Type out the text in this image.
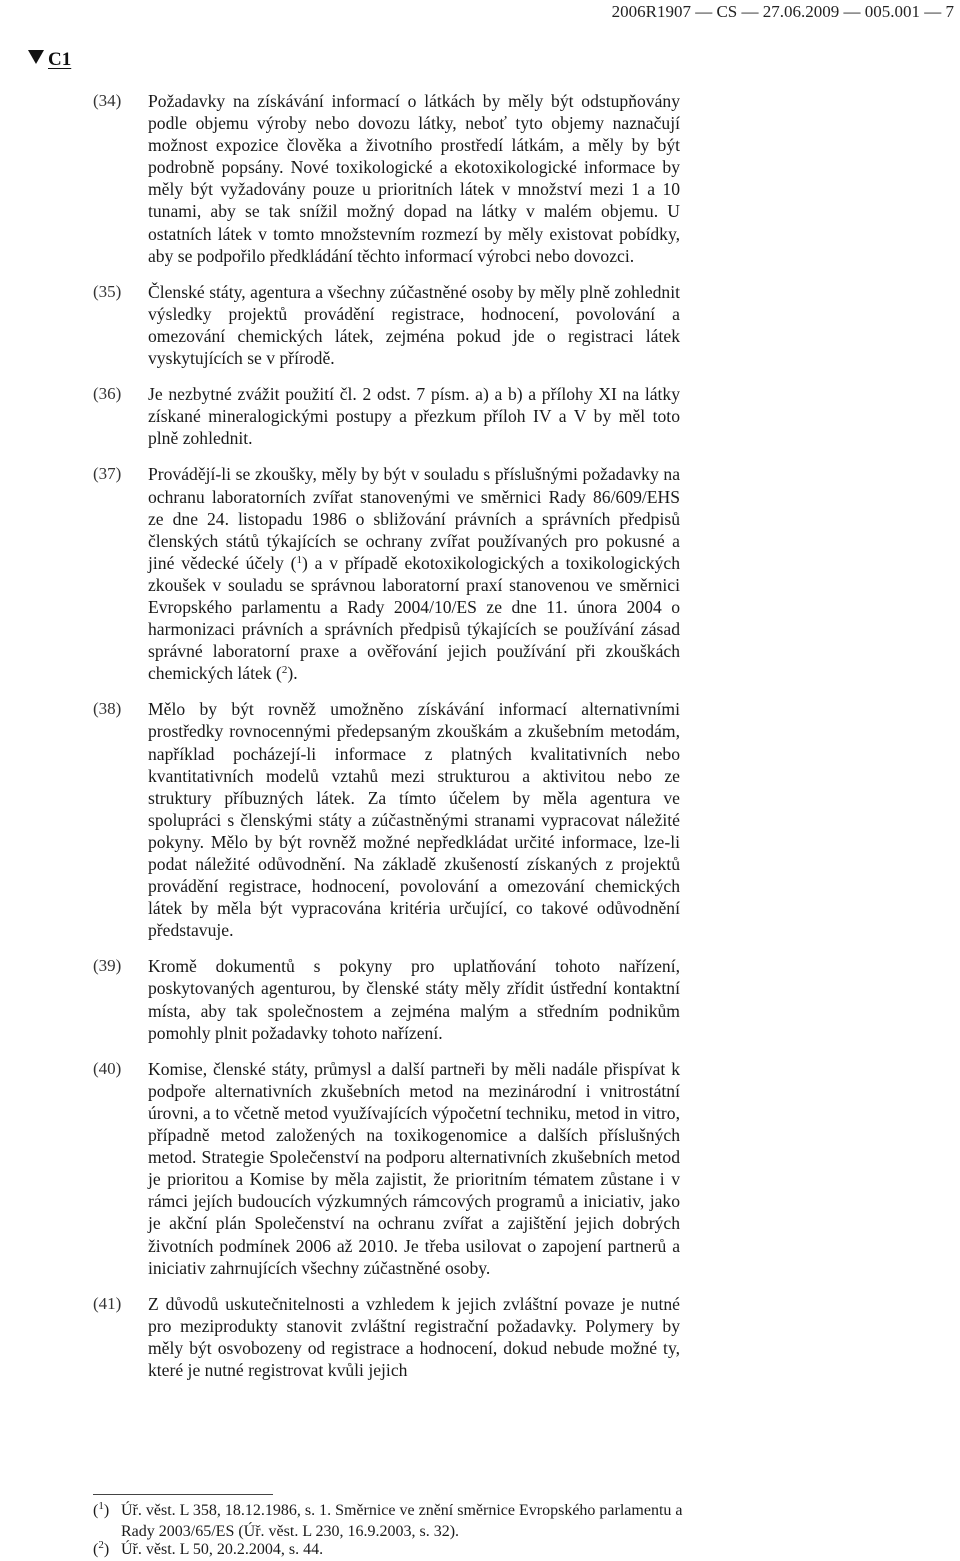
2006R1907 — CS — 27.06.2009 — 005.001 — 7
C1
(34)	Požadavky na získávání informací o látkách by měly být odstupňovány podle objemu výroby nebo dovozu látky, neboť tyto objemy naznačují možnost expozice člověka a životního prostředí látkám, a měly by být podrobně popsány. Nové toxikologické a ekotoxikologické informace by měly být vyžadovány pouze u prioritních látek v množství mezi 1 a 10 tunami, aby se tak snížil možný dopad na látky v malém objemu. U ostatních látek v tomto množstevním rozmezí by měly existovat pobídky, aby se podpořilo předkládání těchto informací výrobci nebo dovozci.
(35)	Členské státy, agentura a všechny zúčastněné osoby by měly plně zohlednit výsledky projektů provádění registrace, hodnocení, povolování a omezování chemických látek, zejména pokud jde o registraci látek vyskytujících se v přírodě.
(36)	Je nezbytné zvážit použití čl. 2 odst. 7 písm. a) a b) a přílohy XI na látky získané mineralogickými postupy a přezkum příloh IV a V by měl toto plně zohlednit.
(37)	Provádějí-li se zkoušky, měly by být v souladu s příslušnými požadavky na ochranu laboratorních zvířat stanovenými ve směrnici Rady 86/609/EHS ze dne 24. listopadu 1986 o sbližování právních a správních předpisů členských států týkajících se ochrany zvířat používaných pro pokusné a jiné vědecké účely ($^1$) a v případě ekotoxikologických a toxikologických zkoušek v souladu se správnou laboratorní praxí stanovenou ve směrnici Evropského parlamentu a Rady 2004/10/ES ze dne 11. února 2004 o harmonizaci právních a správních předpisů týkajících se používání zásad správné laboratorní praxe a ověřování jejich používání při zkouškách chemických látek ($^2$).
(38)	Mělo by být rovněž umožněno získávání informací alternativními prostředky rovnocennými předepsaným zkouškám a zkušebním metodám, například pocházejí-li informace z platných kvalitativních nebo kvantitativních modelů vztahů mezi strukturou a aktivitou nebo ze struktury příbuzných látek. Za tímto účelem by měla agentura ve spolupráci s členskými státy a zúčastněnými stranami vypracovat náležité pokyny. Mělo by být rovněž možné nepředkládat určité informace, lze-li podat náležité odůvodnění. Na základě zkušeností získaných z projektů provádění registrace, hodnocení, povolování a omezování chemických látek by měla být vypracována kritéria určující, co takové odůvodnění představuje.
(39)	Kromě dokumentů s pokyny pro uplatňování tohoto nařízení, poskytovaných agenturou, by členské státy měly zřídit ústřední kontaktní místa, aby tak společnostem a zejména malým a středním podnikům pomohly plnit požadavky tohoto nařízení.
(40)	Komise, členské státy, průmysl a další partneři by měli nadále přispívat k podpoře alternativních zkušebních metod na mezinárodní i vnitrostátní úrovni, a to včetně metod využívajících výpočetní techniku, metod in vitro, případně metod založených na toxikogenomice a dalších příslušných metod. Strategie Společenství na podporu alternativních zkušebních metod je prioritou a Komise by měla zajistit, že prioritním tématem zůstane i v rámci jejích budoucích výzkumných rámcových programů a iniciativ, jako je akční plán Společenství na ochranu zvířat a zajištění jejich dobrých životních podmínek 2006 až 2010. Je třeba usilovat o zapojení partnerů a iniciativ zahrnujících všechny zúčastněné osoby.
(41)	Z důvodů uskutečnitelnosti a vzhledem k jejich zvláštní povaze je nutné pro meziprodukty stanovit zvláštní registrační požadavky. Polymery by měly být osvobozeny od registrace a hodnocení, dokud nebude možné ty, které je nutné registrovat kvůli jejich
($^1$) Úř. věst. L 358, 18.12.1986, s. 1. Směrnice ve znění směrnice Evropského parlamentu a Rady 2003/65/ES (Úř. věst. L 230, 16.9.2003, s. 32).
($^2$) Úř. věst. L 50, 20.2.2004, s. 44.
